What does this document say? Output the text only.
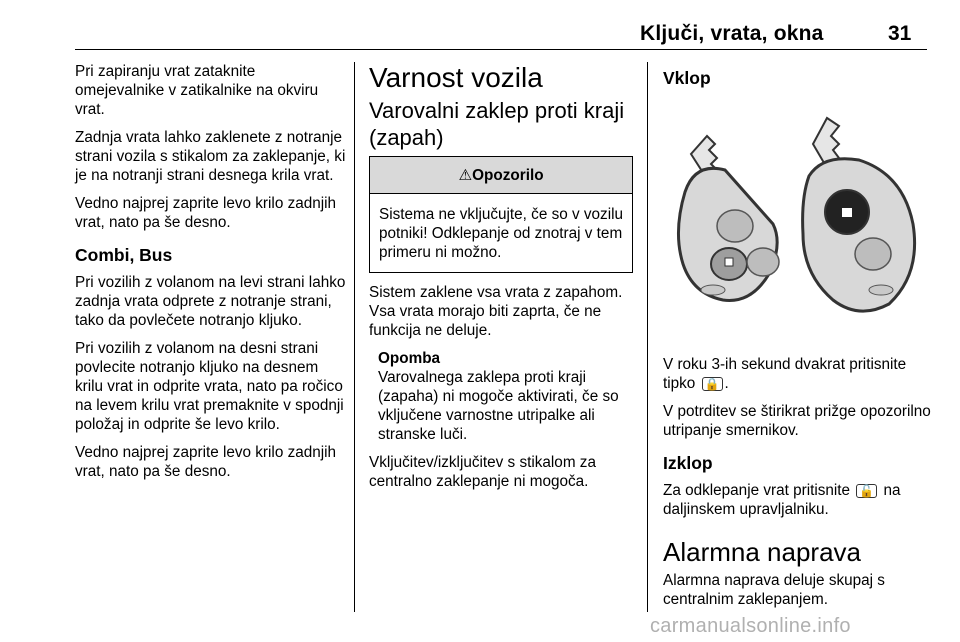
Ključi, vrata, okna	31

Pri zapiranju vrat zataknite omejevalnike v zatikalnike na okviru vrat.

Zadnja vrata lahko zaklenete z notranje strani vozila s stikalom za zaklepanje, ki je na notranji strani desnega krila vrat.

Vedno najprej zaprite levo krilo zadnjih vrat, nato pa še desno.

Combi, Bus

Pri vozilih z volanom na levi strani lahko zadnja vrata odprete z notranje strani, tako da povlečete notranjo kljuko.

Pri vozilih z volanom na desni strani povlecite notranjo kljuko na desnem krilu vrat in odprite vrata, nato pa ročico na levem krilu vrat premaknite v spodnji položaj in odprite še levo krilo.

Vedno najprej zaprite levo krilo zadnjih vrat, nato pa še desno.

Varnost vozila
Varovalni zaklep proti kraji (zapah)
⚠Opozorilo
Sistema ne vključujte, če so v vozilu potniki! Odklepanje od znotraj v tem primeru ni možno.

Sistem zaklene vsa vrata z zapahom. Vsa vrata morajo biti zaprta, če ne funkcija ne deluje.

Opomba
Varovalnega zaklepa proti kraji (zapaha) ni mogoče aktivirati, če so vključene varnostne utripalke ali stranske luči.

Vključitev/izključitev s stikalom za centralno zaklepanje ni mogoča.

Vklop

V roku 3-ih sekund dvakrat pritisnite tipko 🔒 .

V potrditev se štirikrat prižge opozorilno utripanje smernikov.

Izklop

Za odklepanje vrat pritisnite 🔓 na daljinskem upravljalniku.

Alarmna naprava

Alarmna naprava deluje skupaj s centralnim zaklepanjem.

carmanualsonline.info
